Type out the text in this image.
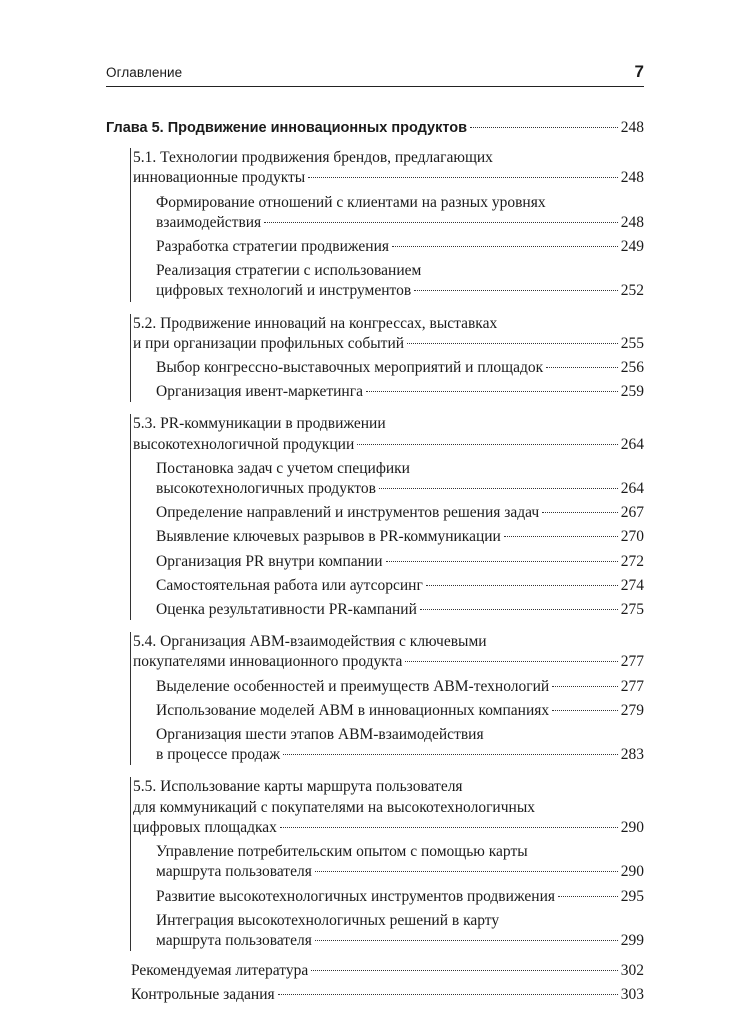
Оглавление	7
Глава 5. Продвижение инновационных продуктов	248
5.1. Технологии продвижения брендов, предлагающих
инновационные продукты	248
Формирование отношений с клиентами на разных уровнях
взаимодействия	248
Разработка стратегии продвижения	249
Реализация стратегии с использованием
цифровых технологий и инструментов	252
5.2. Продвижение инноваций на конгрессах, выставках
и при организации профильных событий	255
Выбор конгрессно-выставочных мероприятий и площадок	256
Организация ивент-маркетинга	259
5.3. PR-коммуникации в продвижении
высокотехнологичной продукции	264
Постановка задач с учетом специфики
высокотехнологичных продуктов	264
Определение направлений и инструментов решения задач	267
Выявление ключевых разрывов в PR-коммуникации	270
Организация PR внутри компании	272
Самостоятельная работа или аутсорсинг	274
Оценка результативности PR-кампаний	275
5.4. Организация ABM-взаимодействия с ключевыми
покупателями инновационного продукта	277
Выделение особенностей и преимуществ ABM-технологий	277
Использование моделей ABM в инновационных компаниях	279
Организация шести этапов ABM-взаимодействия
в процессе продаж	283
5.5. Использование карты маршрута пользователя
для коммуникаций с покупателями на высокотехнологичных
цифровых площадках	290
Управление потребительским опытом с помощью карты
маршрута пользователя	290
Развитие высокотехнологичных инструментов продвижения	295
Интеграция высокотехнологичных решений в карту
маршрута пользователя	299
Рекомендуемая литература	302
Контрольные задания	303
